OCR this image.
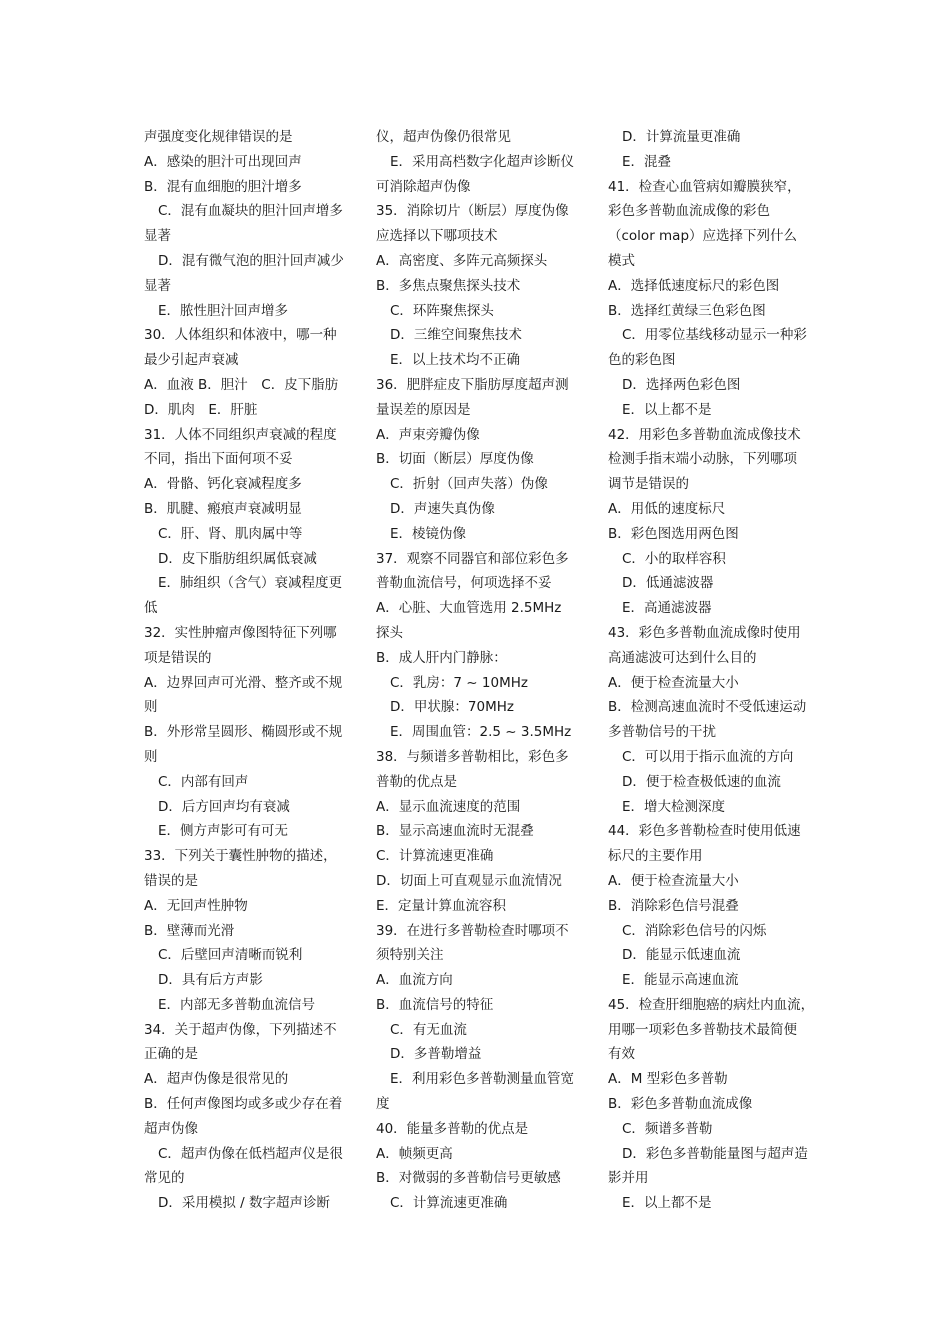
声强度变化规律错误的是
A．感染的胆汁可出现回声
B．混有血细胞的胆汁增多
C．混有血凝块的胆汁回声增多
显著
D．混有微气泡的胆汁回声减少
显著
E．脓性胆汁回声增多
30．人体组织和体液中，哪一种
最少引起声衰减
A．血液 B．胆汁　C．皮下脂肪
D．肌肉　E．肝脏
31．人体不同组织声衰减的程度
不同，指出下面何项不妥
A．骨骼、钙化衰减程度多
B．肌腱、瘢痕声衰减明显
C．肝、肾、肌肉属中等
D．皮下脂肪组织属低衰减
E．肺组织（含气）衰减程度更
低
32．实性肿瘤声像图特征下列哪
项是错误的
A．边界回声可光滑、整齐或不规
则
B．外形常呈圆形、椭圆形或不规
则
C．内部有回声
D．后方回声均有衰减
E．侧方声影可有可无
33．下列关于囊性肿物的描述，
错误的是
A．无回声性肿物
B．壁薄而光滑
C．后壁回声清晰而锐利
D．具有后方声影
E．内部无多普勒血流信号
34．关于超声伪像，下列描述不
正确的是
A．超声伪像是很常见的
B．任何声像图均或多或少存在着
超声伪像
C．超声伪像在低档超声仪是很
常见的
D．采用模拟 / 数字超声诊断
仪，超声伪像仍很常见
E．采用高档数字化超声诊断仪
可消除超声伪像
35．消除切片（断层）厚度伪像
应选择以下哪项技术
A．高密度、多阵元高频探头
B．多焦点聚焦探头技术
C．环阵聚焦探头
D．三维空间聚焦技术
E．以上技术均不正确
36．肥胖症皮下脂肪厚度超声测
量误差的原因是
A．声束旁瓣伪像
B．切面（断层）厚度伪像
C．折射（回声失落）伪像
D．声速失真伪像
E．棱镜伪像
37．观察不同器官和部位彩色多
普勒血流信号，何项选择不妥
A．心脏、大血管选用 2.5MHz
探头
B．成人肝内门静脉：
C．乳房：7 ~ 10MHz
D．甲状腺：70MHz
E．周围血管：2.5 ~ 3.5MHz
38．与频谱多普勒相比，彩色多
普勒的优点是
A．显示血流速度的范围
B．显示高速血流时无混叠
C．计算流速更准确
D．切面上可直观显示血流情况
E．定量计算血流容积
39．在进行多普勒检查时哪项不
须特别关注
A．血流方向
B．血流信号的特征
C．有无血流
D．多普勒增益
E．利用彩色多普勒测量血管宽
度
40．能量多普勒的优点是
A．帧频更高
B．对微弱的多普勒信号更敏感
C．计算流速更准确
D．计算流量更准确
E．混叠
41．检查心血管病如瓣膜狭窄，
彩色多普勒血流成像的彩色
（color map）应选择下列什么
模式
A．选择低速度标尺的彩色图
B．选择红黄绿三色彩色图
C．用零位基线移动显示一种彩
色的彩色图
D．选择两色彩色图
E．以上都不是
42．用彩色多普勒血流成像技术
检测手指末端小动脉，下列哪项
调节是错误的
A．用低的速度标尺
B．彩色图选用两色图
C．小的取样容积
D．低通滤波器
E．高通滤波器
43．彩色多普勒血流成像时使用
高通滤波可达到什么目的
A．便于检查流量大小
B．检测高速血流时不受低速运动
多普勒信号的干扰
C．可以用于指示血流的方向
D．便于检查极低速的血流
E．增大检测深度
44．彩色多普勒检查时使用低速
标尺的主要作用
A．便于检查流量大小
B．消除彩色信号混叠
C．消除彩色信号的闪烁
D．能显示低速血流
E．能显示高速血流
45．检查肝细胞癌的病灶内血流，
用哪一项彩色多普勒技术最简便
有效
A．M 型彩色多普勒
B．彩色多普勒血流成像
C．频谱多普勒
D．彩色多普勒能量图与超声造
影并用
E．以上都不是
